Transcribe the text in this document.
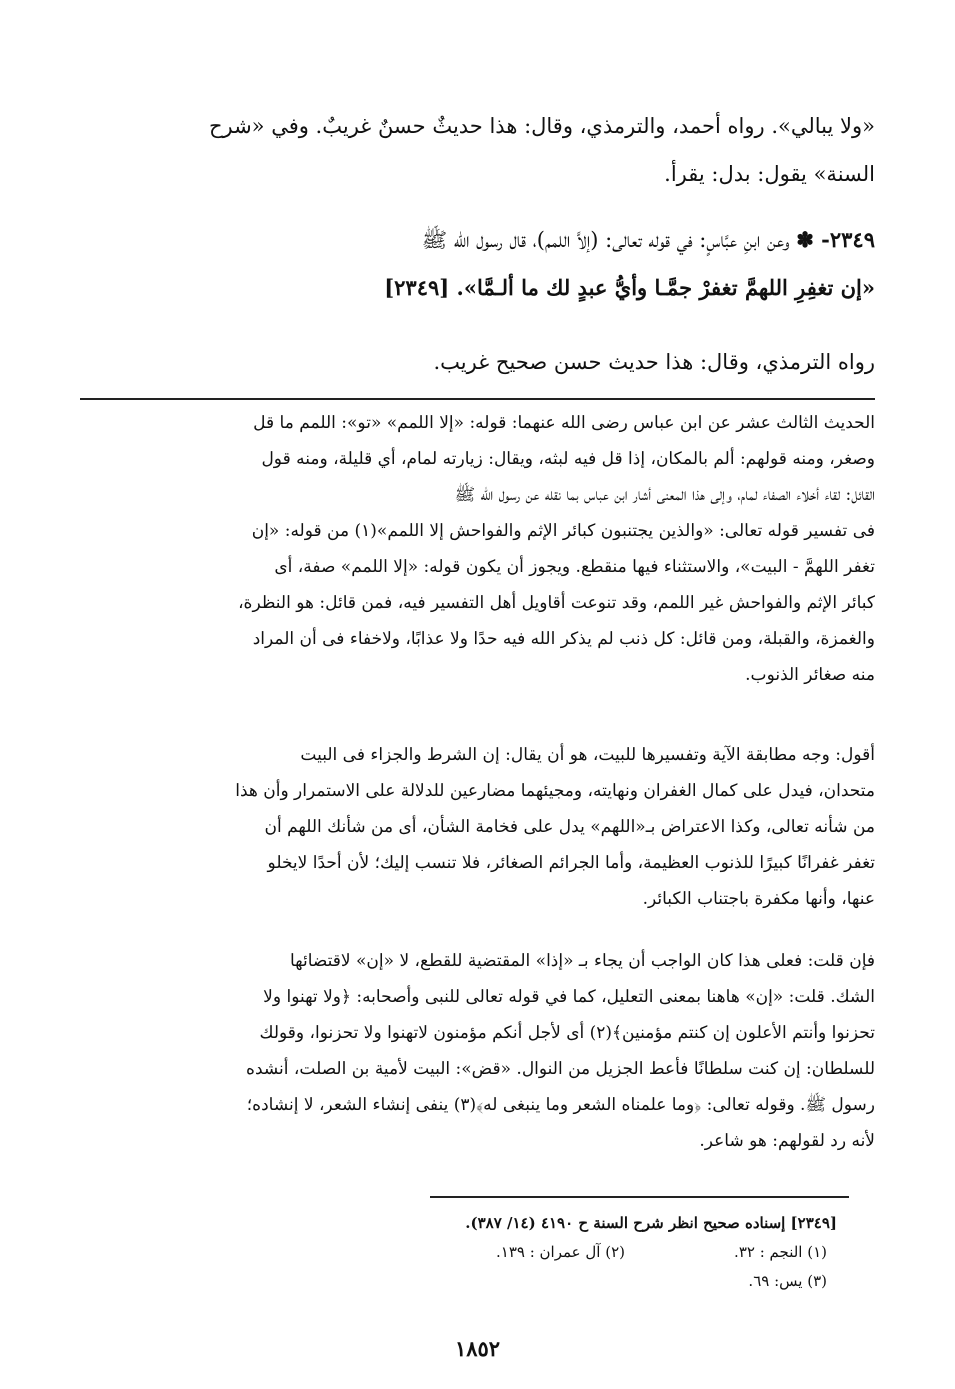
«ولا يبالي». رواه أحمد، والترمذي، وقال: هذا حديثٌ حسنٌ غريبٌ. وفي «شرح
السنة» يقول: بدل: يقرأ.
٢٣٤٩- ✽ وعن ابنِ عبَّاسٍ: في قوله تعالى: (إلاَّ اللمم)، قال رسول الله ﷺ
«إن تغفِرِ اللهمَّ تغفرْ جمَّـا وأيُّ عبدٍ لك ما ألـمَّا». [٢٣٤٩]
رواه الترمذي، وقال: هذا حديث حسن صحيح غريب.
الحديث الثالث عشر عن ابن عباس رضى الله عنهما: قوله: «إلا اللمم» «تو»: اللمم ما قل
وصغر، ومنه قولهم: ألم بالمكان، إذا قل فيه لبثه، ويقال: زيارته لمام، أي قليلة، ومنه قول
القائل: لقاء أخلاء الصفاء لمام، وإلى هذا المعنى أشار ابن عباس بما نقله عن رسول الله ﷺ
فى تفسير قوله تعالى: «والذين يجتنبون كبائر الإثم والفواحش إلا اللمم»(١) من قوله: «إن
تغفر اللهمَّ - البيت»، والاستثناء فيها منقطع. ويجوز أن يكون قوله: «إلا اللمم» صفة، أى
كبائر الإثم والفواحش غير اللمم، وقد تنوعت أقاويل أهل التفسير فيه، فمن قائل: هو النظرة،
والغمزة، والقبلة، ومن قائل: كل ذنب لم يذكر الله فيه حدًا ولا عذابًا، ولاخفاء فى أن المراد
منه صغائر الذنوب.
أقول: وجه مطابقة الآية وتفسيرها للبيت، هو أن يقال: إن الشرط والجزاء فى البيت
متحدان، فيدل على كمال الغفران ونهايته، ومجيئهما مضارعين للدلالة على الاستمرار وأن هذا
من شأنه تعالى، وكذا الاعتراض بـ«اللهم» يدل على فخامة الشأن، أى من شأنك اللهم أن
تغفر غفرانًا كبيرًا للذنوب العظيمة، وأما الجرائم الصغائر، فلا تنسب إليك؛ لأن أحدًا لايخلو
عنها، وأنها مكفرة باجتناب الكبائر.
فإن قلت: فعلى هذا كان الواجب أن يجاء بـ «إذا» المقتضية للقطع، لا «إن» لاقتضائها
الشك. قلت: «إن» هاهنا بمعنى التعليل، كما في قوله تعالى للنبى وأصحابه: ﴿ولا تهنوا ولا
تحزنوا وأنتم الأعلون إن كنتم مؤمنين﴾(٢) أى لأجل أنكم مؤمنون لاتهنوا ولا تحزنوا، وقولك
للسلطان: إن كنت سلطانًا فأعط الجزيل من النوال. «قض»: البيت لأمية بن الصلت، أنشده
رسول ﷺ. وقوله تعالى: ﴿وما علمناه الشعر وما ينبغى له﴾(٣) ينفى إنشاء الشعر، لا إنشاده؛
لأنه رد لقولهم: هو شاعر.
[٢٣٤٩] إسناده صحيح انظر شرح السنة ح ٤١٩٠ (١٤/ ٣٨٧).
(١) النجم : ٣٢.
(٢) آل عمران : ١٣٩.
(٣) يس: ٦٩.
١٨٥٢
